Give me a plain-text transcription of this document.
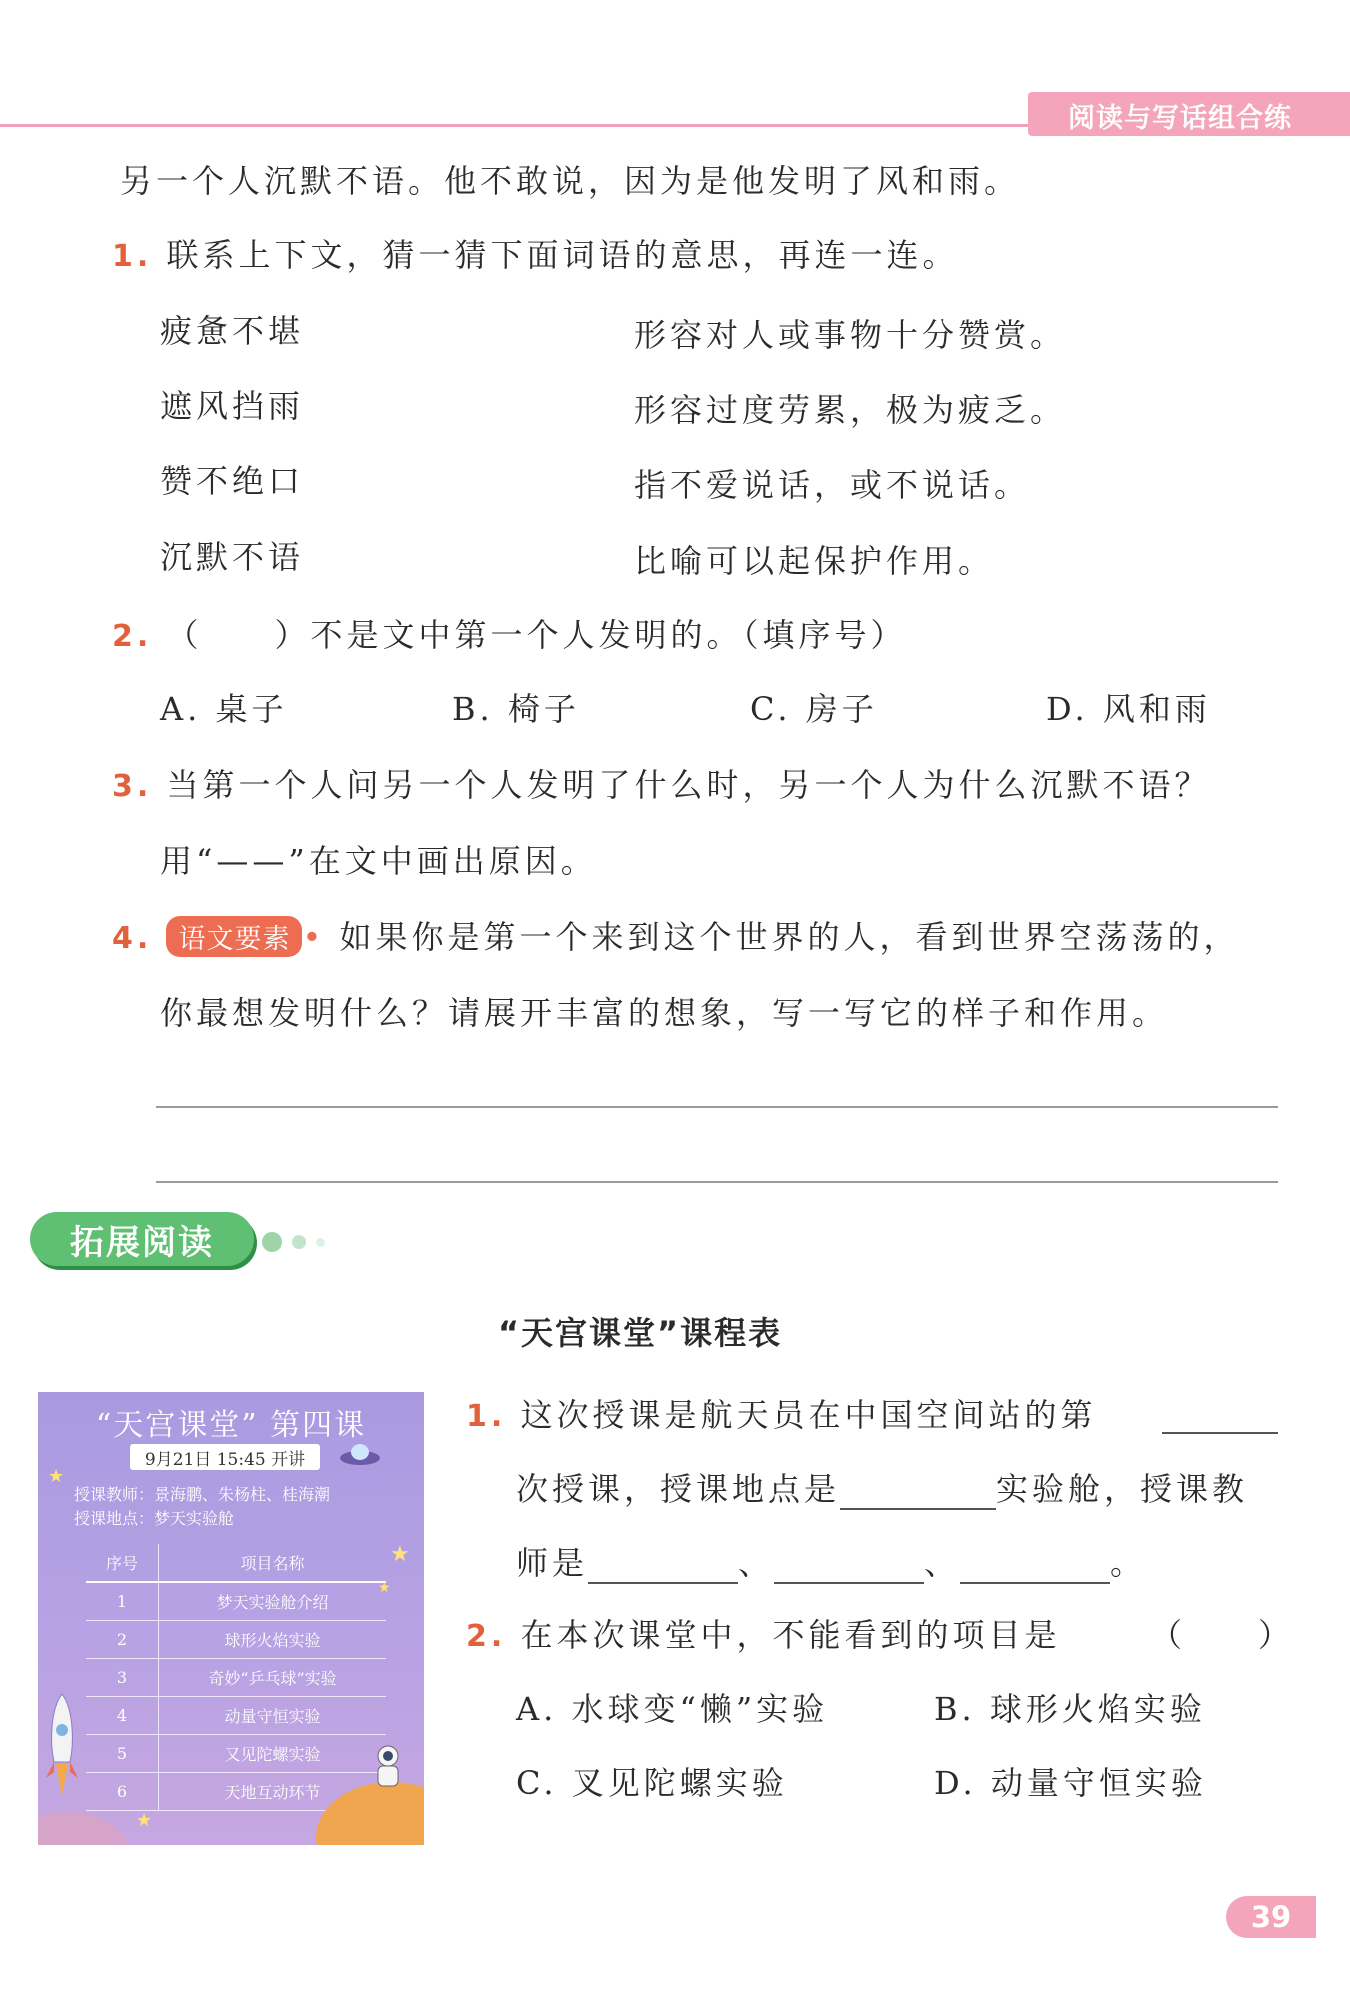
阅读与写话组合练
另一个人沉默不语。他不敢说，因为是他发明了风和雨。
1. 联系上下文，猜一猜下面词语的意思，再连一连。
疲惫不堪
遮风挡雨
赞不绝口
沉默不语
形容对人或事物十分赞赏。
形容过度劳累，极为疲乏。
指不爱说话，或不说话。
比喻可以起保护作用。
2. （　　）不是文中第一个人发明的。（填序号）
A. 桌子	B. 椅子	C. 房子	D. 风和雨
3. 当第一个人问另一个人发明了什么时，另一个人为什么沉默不语？
用“——”在文中画出原因。
4. 语文要素 • 如果你是第一个来到这个世界的人，看到世界空荡荡的，
你最想发明什么？请展开丰富的想象，写一写它的样子和作用。
拓展阅读
“天宫课堂”课程表
“天宫课堂” 第四课
9月21日 15:45 开讲
授课教师：景海鹏、朱杨柱、桂海潮
授课地点：梦天实验舱
序号	项目名称
1	梦天实验舱介绍
2	球形火焰实验
3	奇妙“乒乓球”实验
4	动量守恒实验
5	又见陀螺实验
6	天地互动环节
★
★
★
★
1. 这次授课是航天员在中国空间站的第
次授课，授课地点是	实验舱，授课教
师是	、	、	。
2. 在本次课堂中，不能看到的项目是	（　　）
A. 水球变“懒”实验	B. 球形火焰实验
C. 叉见陀螺实验	D. 动量守恒实验
39
